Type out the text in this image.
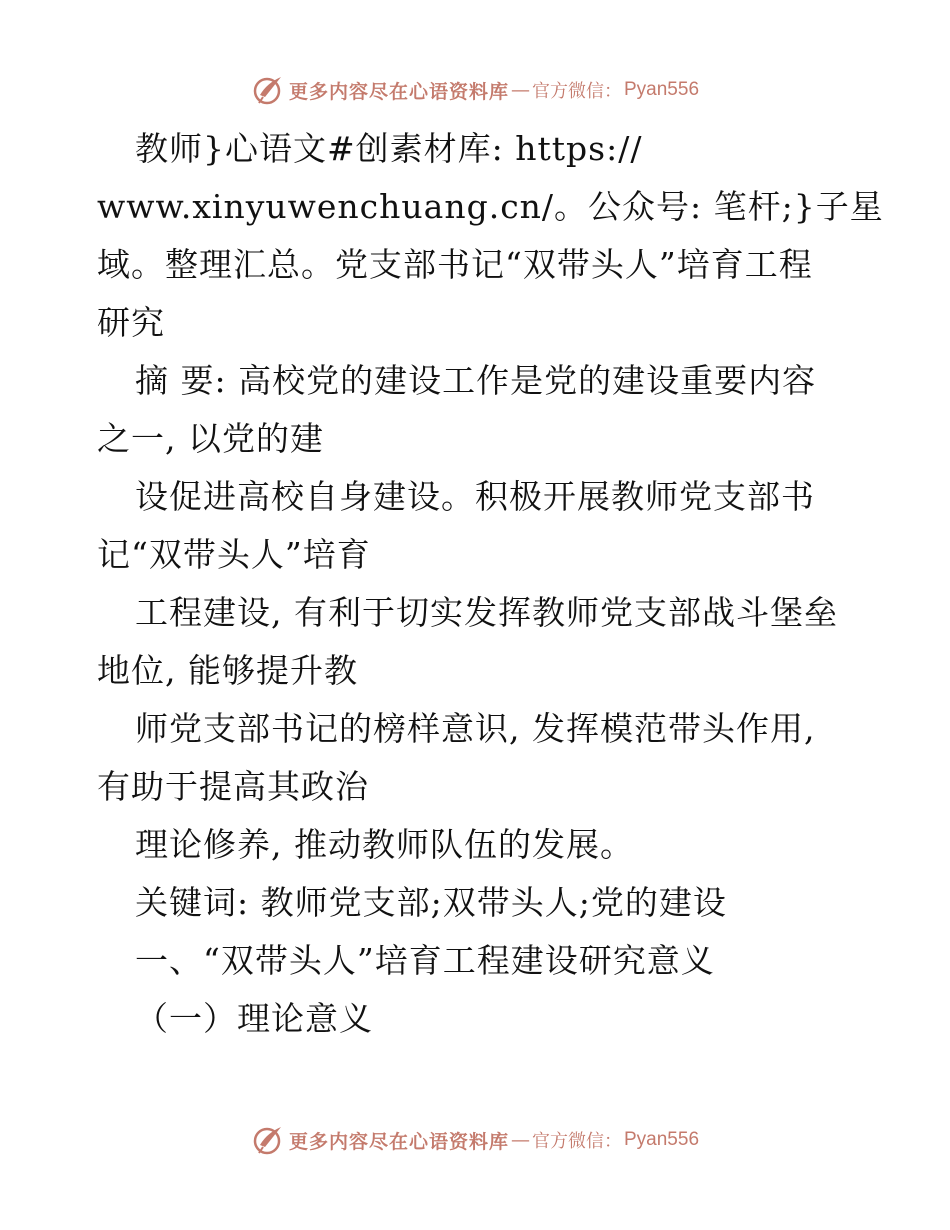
更多内容尽在心语资料库 — 官方微信： Pyan556
教师}心语文#创素材库: https://
www.xinyuwenchuang.cn/。公众号: 笔杆;}子星
域。整理汇总。党支部书记“双带头人”培育工程
研究
摘 要: 高校党的建设工作是党的建设重要内容
之一, 以党的建
设促进高校自身建设。积极开展教师党支部书
记“双带头人”培育
工程建设, 有利于切实发挥教师党支部战斗堡垒
地位, 能够提升教
师党支部书记的榜样意识, 发挥模范带头作用,
有助于提高其政治
理论修养, 推动教师队伍的发展。
关键词: 教师党支部;双带头人;党的建设
一、“双带头人”培育工程建设研究意义
（一）理论意义
更多内容尽在心语资料库 — 官方微信： Pyan556
